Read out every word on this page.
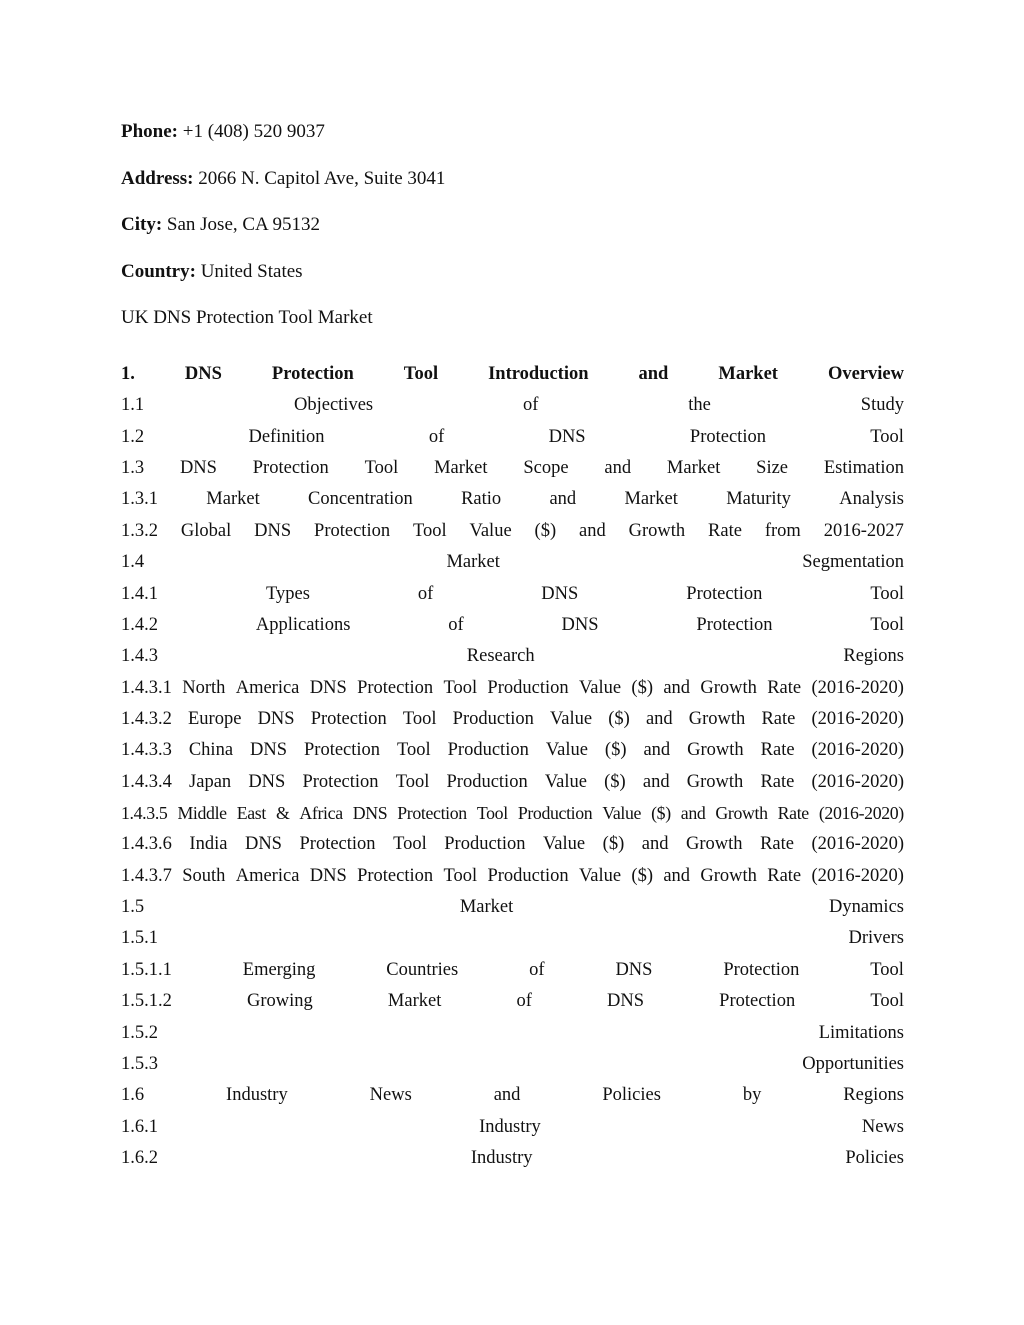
Phone: +1 (408) 520 9037
Address: 2066 N. Capitol Ave, Suite 3041
City: San Jose, CA 95132
Country: United States
UK DNS Protection Tool Market
1.	DNS	Protection	Tool	Introduction	and	Market	Overview
1.1	Objectives	of	the	Study
1.2	Definition	of	DNS	Protection	Tool
1.3 DNS Protection Tool Market Scope and Market Size Estimation
1.3.1	Market	Concentration	Ratio	and	Market	Maturity	Analysis
1.3.2 Global DNS Protection Tool Value ($) and Growth Rate from 2016-2027
1.4	Market	Segmentation
1.4.1	Types	of	DNS	Protection	Tool
1.4.2	Applications	of	DNS	Protection	Tool
1.4.3	Research	Regions
1.4.3.1 North America DNS Protection Tool Production Value ($) and Growth Rate (2016-2020)
1.4.3.2 Europe DNS Protection Tool Production Value ($) and Growth Rate (2016-2020)
1.4.3.3 China DNS Protection Tool Production Value ($) and Growth Rate (2016-2020)
1.4.3.4 Japan DNS Protection Tool Production Value ($) and Growth Rate (2016-2020)
1.4.3.5 Middle East & Africa DNS Protection Tool Production Value ($) and Growth Rate (2016-2020)
1.4.3.6 India DNS Protection Tool Production Value ($) and Growth Rate (2016-2020)
1.4.3.7 South America DNS Protection Tool Production Value ($) and Growth Rate (2016-2020)
1.5	Market	Dynamics
1.5.1	Drivers
1.5.1.1	Emerging	Countries	of	DNS	Protection	Tool
1.5.1.2	Growing	Market	of	DNS	Protection	Tool
1.5.2	Limitations
1.5.3	Opportunities
1.6	Industry	News	and	Policies	by	Regions
1.6.1	Industry	News
1.6.2	Industry	Policies
